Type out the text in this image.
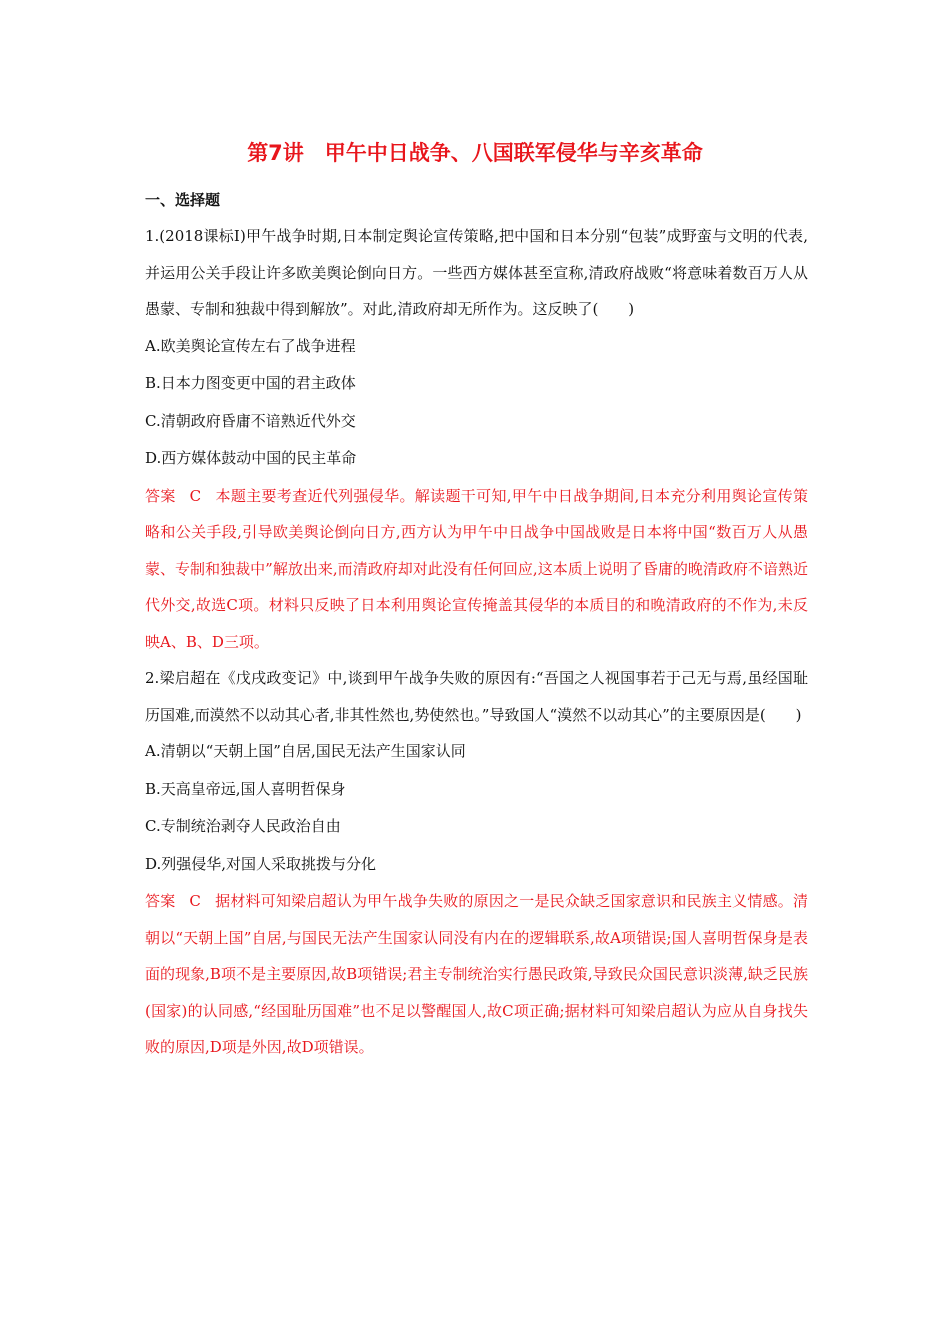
第7讲　甲午中日战争、八国联军侵华与辛亥革命
一、选择题

1.(2018课标Ⅰ)甲午战争时期,日本制定舆论宣传策略,把中国和日本分别“包装”成野蛮与文明的代表,并运用公关手段让许多欧美舆论倒向日方。一些西方媒体甚至宣称,清政府战败“将意味着数百万人从愚蒙、专制和独裁中得到解放”。对此,清政府却无所作为。这反映了(　　)

A.欧美舆论宣传左右了战争进程

B.日本力图变更中国的君主政体

C.清朝政府昏庸不谙熟近代外交

D.西方媒体鼓动中国的民主革命

答案 C 本题主要考查近代列强侵华。解读题干可知,甲午中日战争期间,日本充分利用舆论宣传策略和公关手段,引导欧美舆论倒向日方,西方认为甲午中日战争中国战败是日本将中国“数百万人从愚蒙、专制和独裁中”解放出来,而清政府却对此没有任何回应,这本质上说明了昏庸的晚清政府不谙熟近代外交,故选C项。材料只反映了日本利用舆论宣传掩盖其侵华的本质目的和晚清政府的不作为,未反映A、B、D三项。

2.梁启超在《戊戌政变记》中,谈到甲午战争失败的原因有:“吾国之人视国事若于己无与焉,虽经国耻历国难,而漠然不以动其心者,非其性然也,势使然也。”导致国人“漠然不以动其心”的主要原因是(　　)

A.清朝以“天朝上国”自居,国民无法产生国家认同

B.天高皇帝远,国人喜明哲保身

C.专制统治剥夺人民政治自由

D.列强侵华,对国人采取挑拨与分化

答案 C 据材料可知梁启超认为甲午战争失败的原因之一是民众缺乏国家意识和民族主义情感。清朝以“天朝上国”自居,与国民无法产生国家认同没有内在的逻辑联系,故A项错误;国人喜明哲保身是表面的现象,B项不是主要原因,故B项错误;君主专制统治实行愚民政策,导致民众国民意识淡薄,缺乏民族(国家)的认同感,“经国耻历国难”也不足以警醒国人,故C项正确;据材料可知梁启超认为应从自身找失败的原因,D项是外因,故D项错误。
